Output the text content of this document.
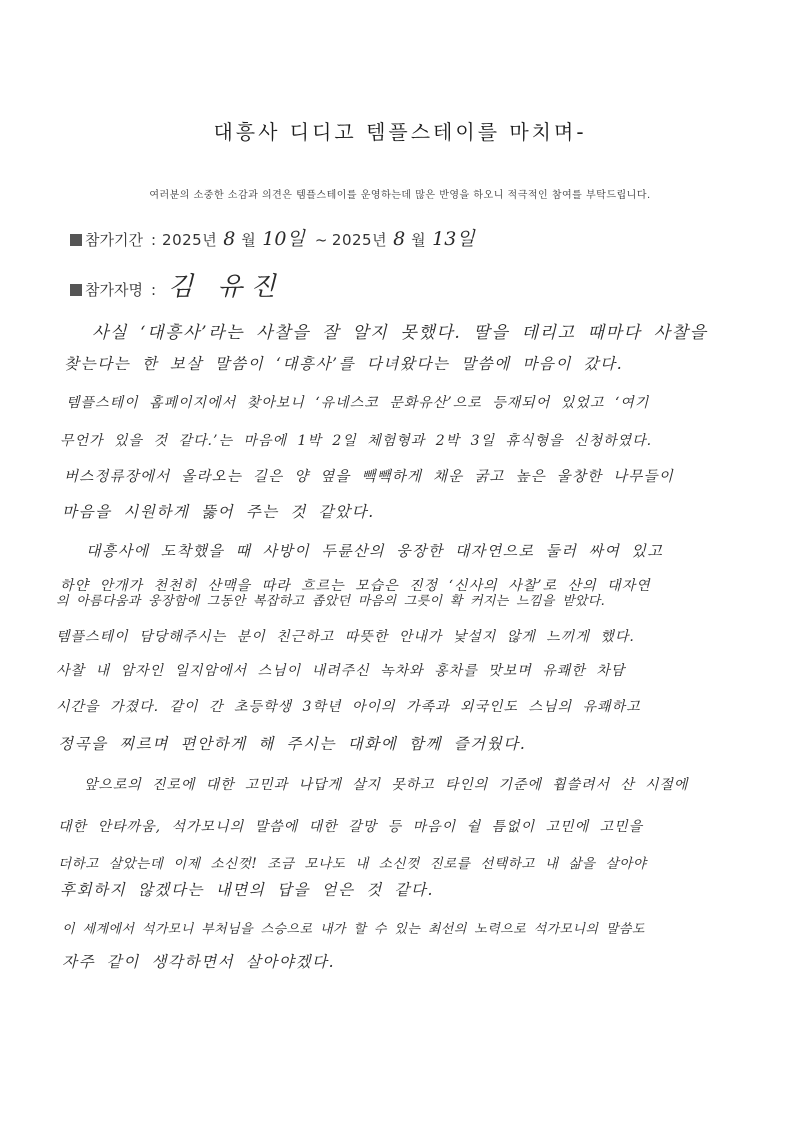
대흥사 디디고 템플스테이를 마치며-
여러분의 소중한 소감과 의견은 템플스테이를 운영하는데 많은 반영을 하오니 적극적인 참여를 부탁드립니다.
참가기간 : 2025년 8 월 10일 ~ 2025년 8 월 13일
참가자명 : 김 유진
사실 ‘대흥사’라는 사찰을 잘 알지 못했다. 딸을 데리고 때마다 사찰을
찾는다는 한 보살 말씀이 ‘대흥사’를 다녀왔다는 말씀에 마음이 갔다.
템플스테이 홈페이지에서 찾아보니 ‘유네스코 문화유산’으로 등재되어 있었고 ‘여기
무언가 있을 것 같다.’는 마음에 1박 2일 체험형과 2박 3일 휴식형을 신청하였다.
버스정류장에서 올라오는 길은 양 옆을 빽빽하게 채운 굵고 높은 울창한 나무들이
마음을 시원하게 뚫어 주는 것 같았다.
대흥사에 도착했을 때 사방이 두륜산의 웅장한 대자연으로 둘러 싸여 있고
하얀 안개가 천천히 산맥을 따라 흐르는 모습은 진정 ‘신사의 사찰’로 산의 대자연
의 아름다움과 웅장함에 그동안 복잡하고 좁았던 마음의 그릇이 확 커지는 느낌을 받았다.
템플스테이 담당해주시는 분이 친근하고 따뜻한 안내가 낯설지 않게 느끼게 했다.
사찰 내 암자인 일지암에서 스님이 내려주신 녹차와 홍차를 맛보며 유쾌한 차담
시간을 가졌다. 같이 간 초등학생 3학년 아이의 가족과 외국인도 스님의 유쾌하고
정곡을 찌르며 편안하게 해 주시는 대화에 함께 즐거웠다.
앞으로의 진로에 대한 고민과 나답게 살지 못하고 타인의 기준에 휩쓸려서 산 시절에
대한 안타까움, 석가모니의 말씀에 대한 갈망 등 마음이 쉴 틈없이 고민에 고민을
더하고 살았는데 이제 소신껏! 조금 모나도 내 소신껏 진로를 선택하고 내 삶을 살아야
후회하지 않겠다는 내면의 답을 얻은 것 같다.
이 세계에서 석가모니 부처님을 스승으로 내가 할 수 있는 최선의 노력으로 석가모니의 말씀도
자주 같이 생각하면서 살아야겠다.
